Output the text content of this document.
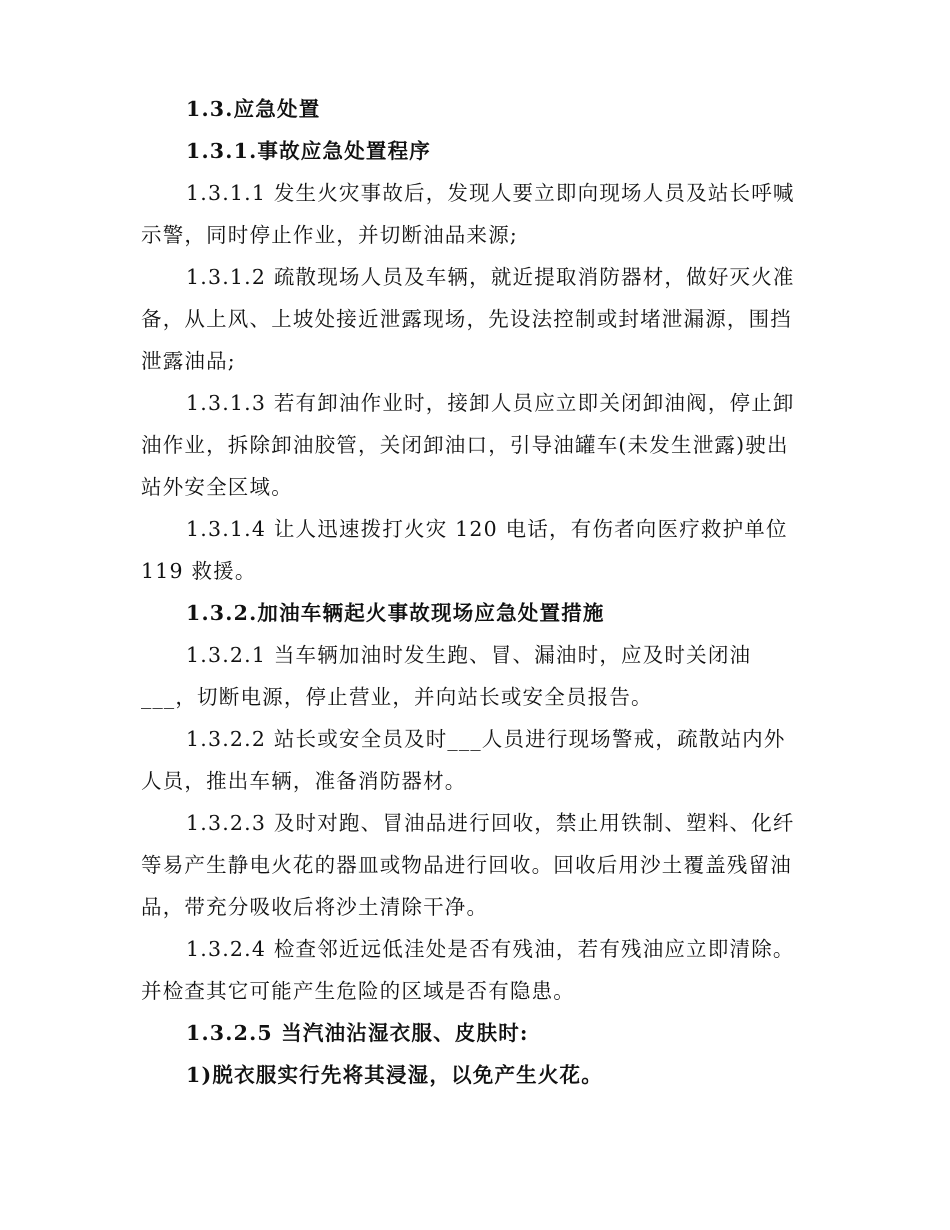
1.3.应急处置

1.3.1.事故应急处置程序

1.3.1.1 发生火灾事故后，发现人要立即向现场人员及站长呼喊示警，同时停止作业，并切断油品来源;

1.3.1.2 疏散现场人员及车辆，就近提取消防器材，做好灭火准备，从上风、上坡处接近泄露现场，先设法控制或封堵泄漏源，围挡泄露油品;

1.3.1.3 若有卸油作业时，接卸人员应立即关闭卸油阀，停止卸油作业，拆除卸油胶管，关闭卸油口，引导油罐车(未发生泄露)驶出站外安全区域。

1.3.1.4 让人迅速拨打火灾 120 电话，有伤者向医疗救护单位 119 救援。

1.3.2.加油车辆起火事故现场应急处置措施

1.3.2.1 当车辆加油时发生跑、冒、漏油时，应及时关闭油___，切断电源，停止营业，并向站长或安全员报告。

1.3.2.2 站长或安全员及时___人员进行现场警戒，疏散站内外人员，推出车辆，准备消防器材。

1.3.2.3 及时对跑、冒油品进行回收，禁止用铁制、塑料、化纤等易产生静电火花的器皿或物品进行回收。回收后用沙土覆盖残留油品，带充分吸收后将沙土清除干净。

1.3.2.4 检查邻近远低洼处是否有残油，若有残油应立即清除。并检查其它可能产生危险的区域是否有隐患。

1.3.2.5 当汽油沾湿衣服、皮肤时:

1)脱衣服实行先将其浸湿，以免产生火花。
